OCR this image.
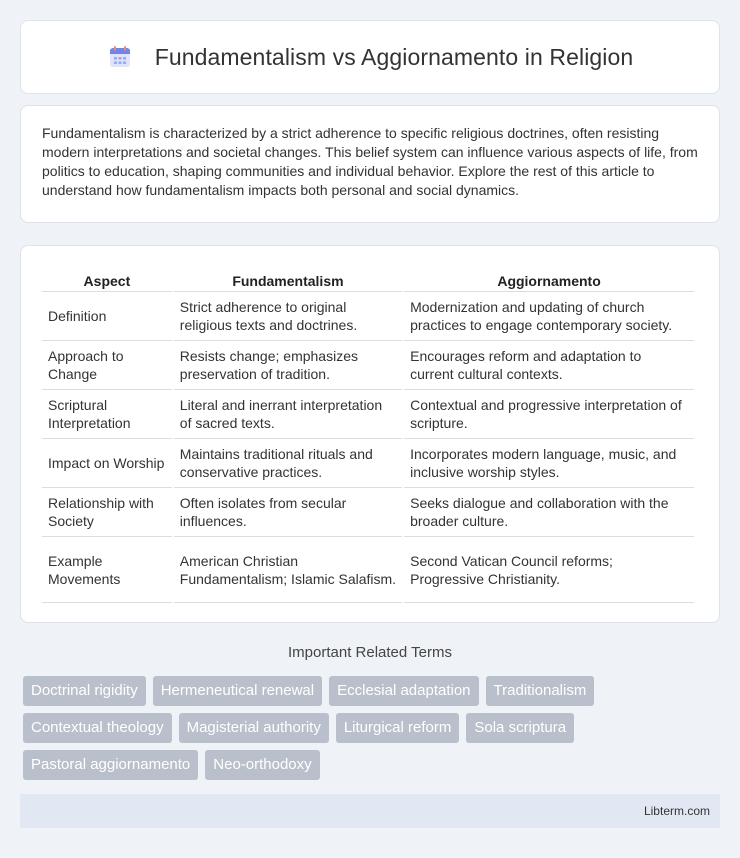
Fundamentalism vs Aggiornamento in Religion

Fundamentalism is characterized by a strict adherence to specific religious doctrines, often resisting modern interpretations and societal changes. This belief system can influence various aspects of life, from politics to education, shaping communities and individual behavior. Explore the rest of this article to understand how fundamentalism impacts both personal and social dynamics.

Aspect	Fundamentalism	Aggiornamento
Definition	Strict adherence to original religious texts and doctrines.	Modernization and updating of church practices to engage contemporary society.
Approach to Change	Resists change; emphasizes preservation of tradition.	Encourages reform and adaptation to current cultural contexts.
Scriptural Interpretation	Literal and inerrant interpretation of sacred texts.	Contextual and progressive interpretation of scripture.
Impact on Worship	Maintains traditional rituals and conservative practices.	Incorporates modern language, music, and inclusive worship styles.
Relationship with Society	Often isolates from secular influences.	Seeks dialogue and collaboration with the broader culture.
Example Movements	American Christian Fundamentalism; Islamic Salafism.	Second Vatican Council reforms; Progressive Christianity.
Important Related Terms
Doctrinal rigidity	Hermeneutical renewal	Ecclesial adaptation	Traditionalism
Contextual theology	Magisterial authority	Liturgical reform	Sola scriptura
Pastoral aggiornamento	Neo-orthodoxy
Libterm.com
